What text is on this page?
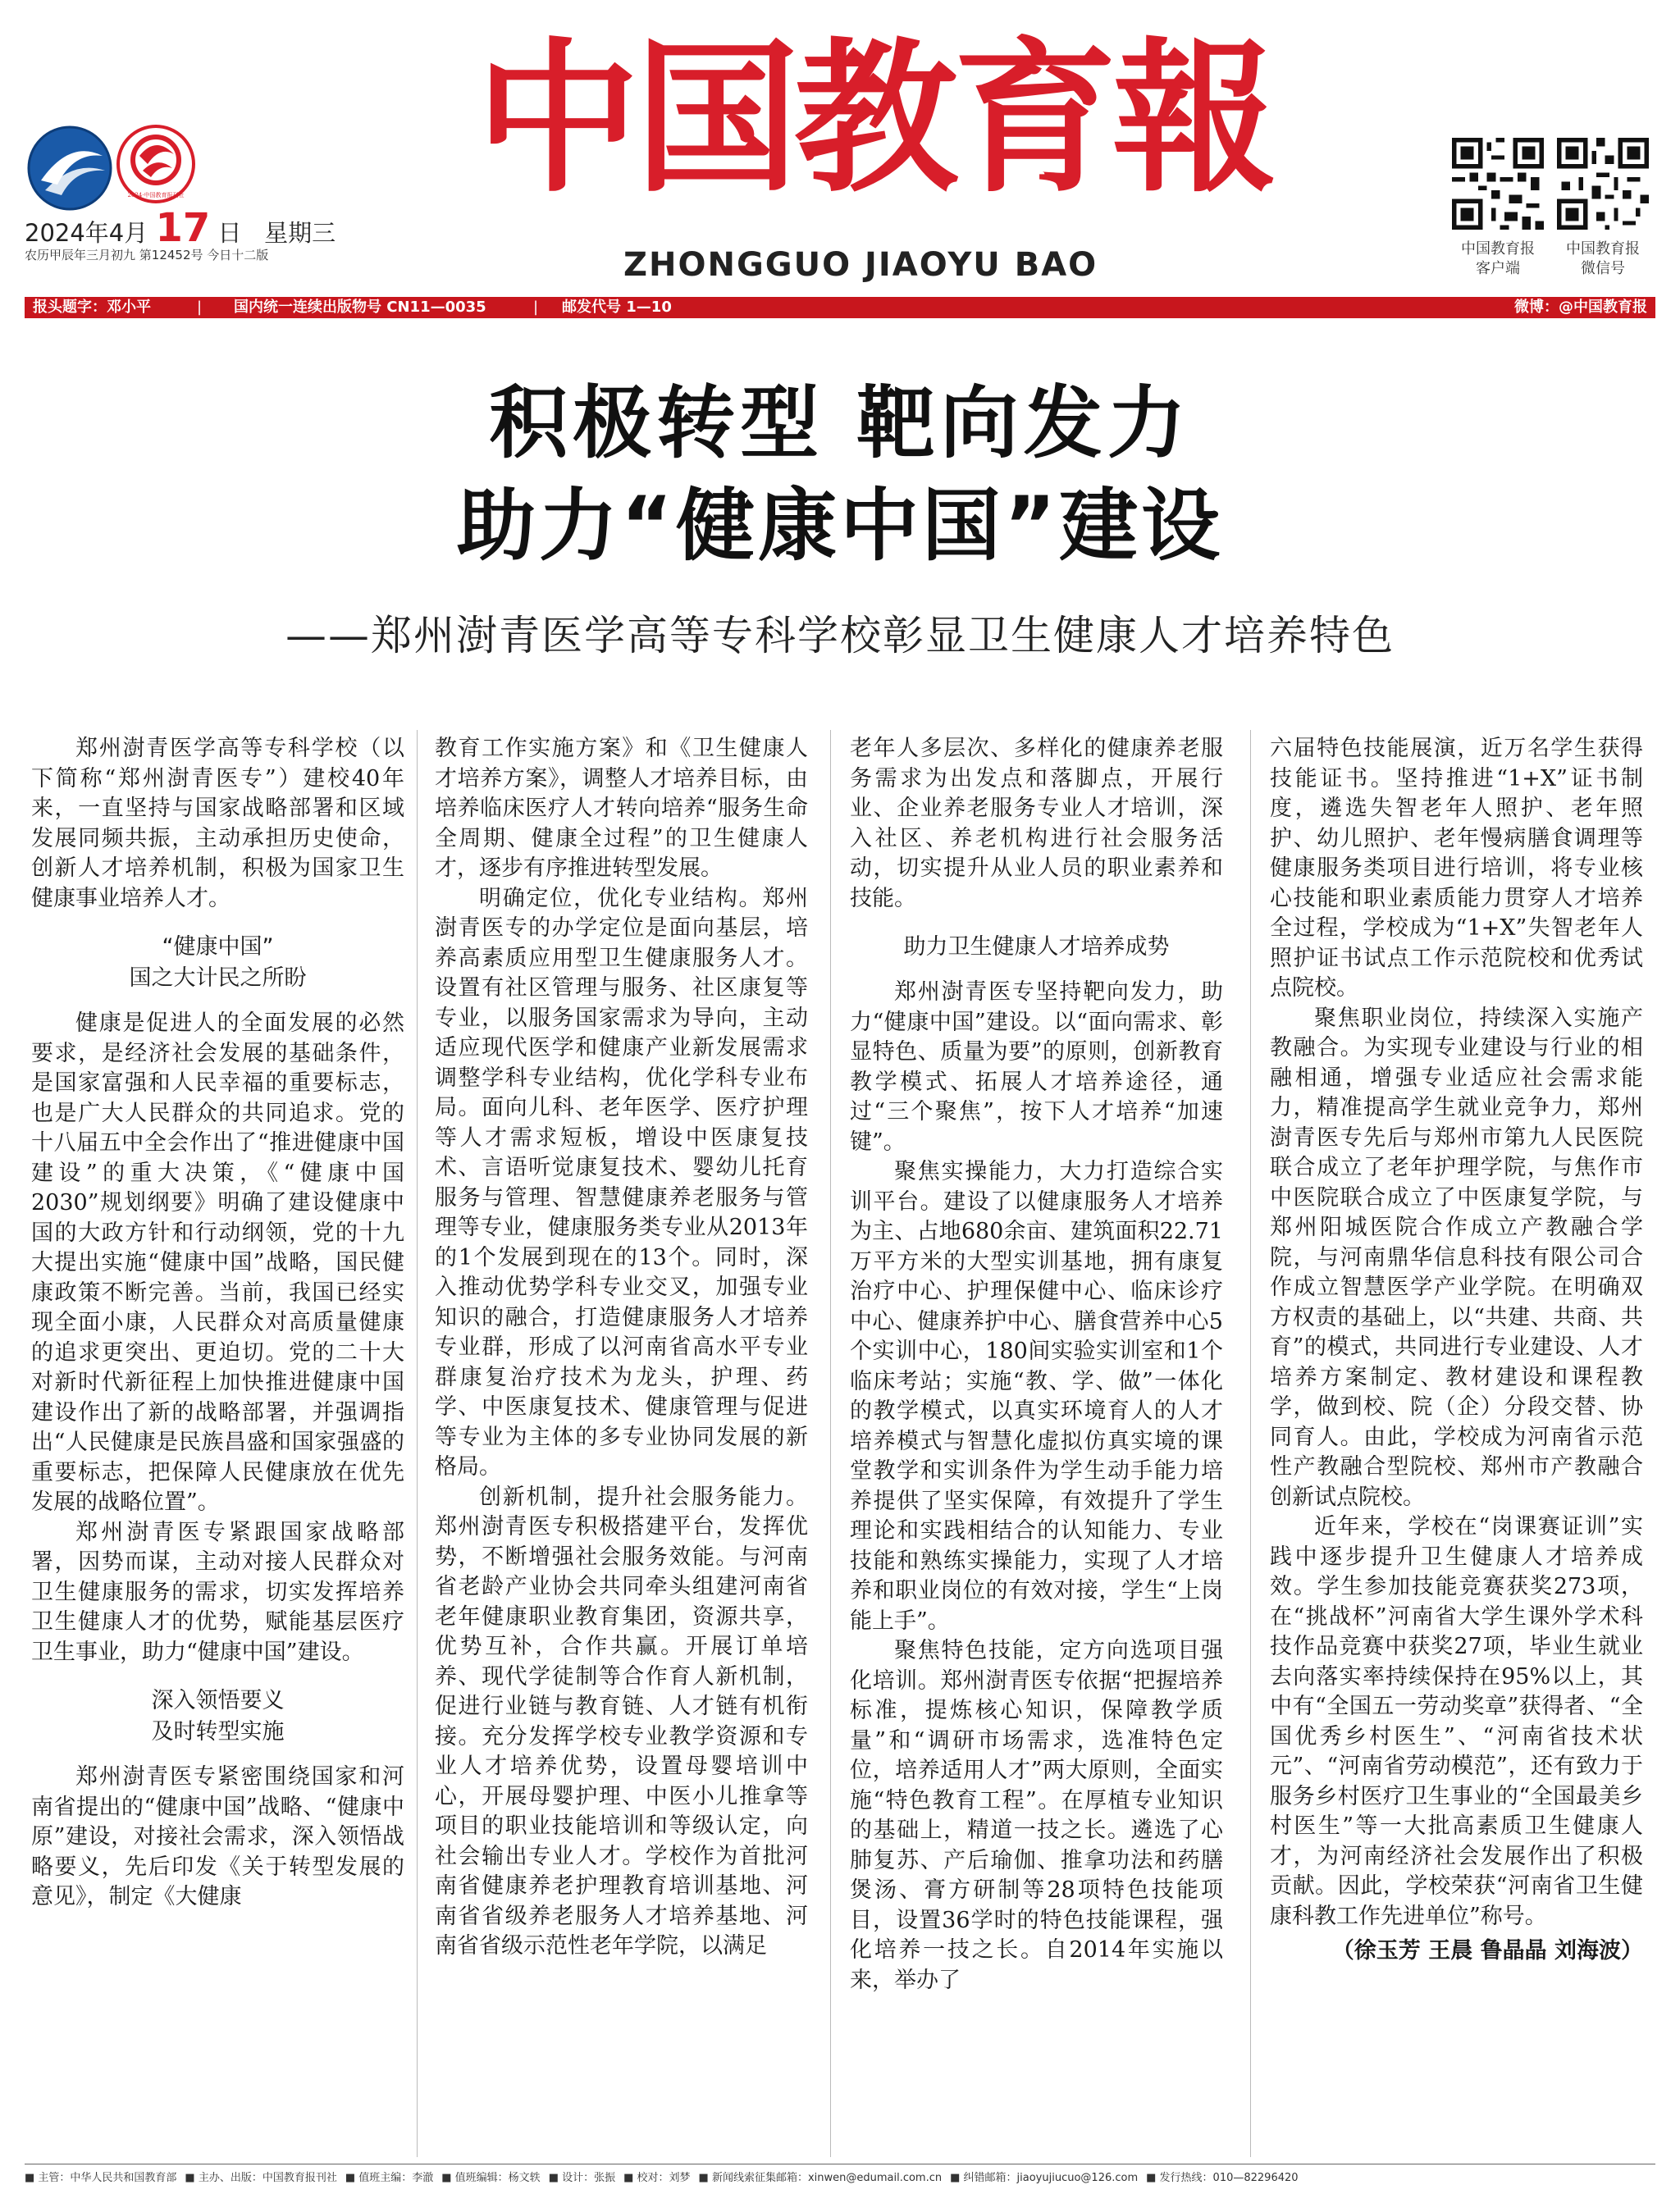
2024·中国教育报刊社 中国教育報
ZHONGGUO JIAOYU BAO
2024年4月 17 日 星期三
农历甲辰年三月初九 第12452号 今日十二版	中国教育报
客户端
中国教育报
微信号
报头题字：邓小平	| 国内统一连续出版物号 CN11—0035	| 邮发代号 1—10	微博：@中国教育报
积极转型 靶向发力
助力“健康中国”建设
——郑州澍青医学高等专科学校彰显卫生健康人才培养特色

郑州澍青医学高等专科学校（以下简称“郑州澍青医专”）建校40年来，一直坚持与国家战略部署和区域发展同频共振，主动承担历史使命，创新人才培养机制，积极为国家卫生健康事业培养人才。

“健康中国”
国之大计民之所盼

健康是促进人的全面发展的必然要求，是经济社会发展的基础条件，是国家富强和人民幸福的重要标志，也是广大人民群众的共同追求。党的十八届五中全会作出了“推进健康中国建设”的重大决策，《“健康中国2030”规划纲要》明确了建设健康中国的大政方针和行动纲领，党的十九大提出实施“健康中国”战略，国民健康政策不断完善。当前，我国已经实现全面小康，人民群众对高质量健康的追求更突出、更迫切。党的二十大对新时代新征程上加快推进健康中国建设作出了新的战略部署，并强调指出“人民健康是民族昌盛和国家强盛的重要标志，把保障人民健康放在优先发展的战略位置”。

郑州澍青医专紧跟国家战略部署，因势而谋，主动对接人民群众对卫生健康服务的需求，切实发挥培养卫生健康人才的优势，赋能基层医疗卫生事业，助力“健康中国”建设。

深入领悟要义
及时转型实施

郑州澍青医专紧密围绕国家和河南省提出的“健康中国”战略、“健康中原”建设，对接社会需求，深入领悟战略要义，先后印发《关于转型发展的意见》，制定《大健康

教育工作实施方案》和《卫生健康人才培养方案》，调整人才培养目标，由培养临床医疗人才转向培养“服务生命全周期、健康全过程”的卫生健康人才，逐步有序推进转型发展。

明确定位，优化专业结构。郑州澍青医专的办学定位是面向基层，培养高素质应用型卫生健康服务人才。设置有社区管理与服务、社区康复等专业，以服务国家需求为导向，主动适应现代医学和健康产业新发展需求调整学科专业结构，优化学科专业布局。面向儿科、老年医学、医疗护理等人才需求短板，增设中医康复技术、言语听觉康复技术、婴幼儿托育服务与管理、智慧健康养老服务与管理等专业，健康服务类专业从2013年的1个发展到现在的13个。同时，深入推动优势学科专业交叉，加强专业知识的融合，打造健康服务人才培养专业群，形成了以河南省高水平专业群康复治疗技术为龙头，护理、药学、中医康复技术、健康管理与促进等专业为主体的多专业协同发展的新格局。

创新机制，提升社会服务能力。郑州澍青医专积极搭建平台，发挥优势，不断增强社会服务效能。与河南省老龄产业协会共同牵头组建河南省老年健康职业教育集团，资源共享，优势互补，合作共赢。开展订单培养、现代学徒制等合作育人新机制，促进行业链与教育链、人才链有机衔接。充分发挥学校专业教学资源和专业人才培养优势，设置母婴培训中心，开展母婴护理、中医小儿推拿等项目的职业技能培训和等级认定，向社会输出专业人才。学校作为首批河南省健康养老护理教育培训基地、河南省省级养老服务人才培养基地、河南省省级示范性老年学院，以满足

老年人多层次、多样化的健康养老服务需求为出发点和落脚点，开展行业、企业养老服务专业人才培训，深入社区、养老机构进行社会服务活动，切实提升从业人员的职业素养和技能。

助力卫生健康人才培养成势

郑州澍青医专坚持靶向发力，助力“健康中国”建设。以“面向需求、彰显特色、质量为要”的原则，创新教育教学模式、拓展人才培养途径，通过“三个聚焦”，按下人才培养“加速键”。

聚焦实操能力，大力打造综合实训平台。建设了以健康服务人才培养为主、占地680余亩、建筑面积22.71万平方米的大型实训基地，拥有康复治疗中心、护理保健中心、临床诊疗中心、健康养护中心、膳食营养中心5个实训中心，180间实验实训室和1个临床考站；实施“教、学、做”一体化的教学模式，以真实环境育人的人才培养模式与智慧化虚拟仿真实境的课堂教学和实训条件为学生动手能力培养提供了坚实保障，有效提升了学生理论和实践相结合的认知能力、专业技能和熟练实操能力，实现了人才培养和职业岗位的有效对接，学生“上岗能上手”。

聚焦特色技能，定方向选项目强化培训。郑州澍青医专依据“把握培养标准，提炼核心知识，保障教学质量”和“调研市场需求，选准特色定位，培养适用人才”两大原则，全面实施“特色教育工程”。在厚植专业知识的基础上，精道一技之长。遴选了心肺复苏、产后瑜伽、推拿功法和药膳煲汤、膏方研制等28项特色技能项目，设置36学时的特色技能课程，强化培养一技之长。自2014年实施以来，举办了

六届特色技能展演，近万名学生获得技能证书。坚持推进“1+X”证书制度，遴选失智老年人照护、老年照护、幼儿照护、老年慢病膳食调理等健康服务类项目进行培训，将专业核心技能和职业素质能力贯穿人才培养全过程，学校成为“1+X”失智老年人照护证书试点工作示范院校和优秀试点院校。

聚焦职业岗位，持续深入实施产教融合。为实现专业建设与行业的相融相通，增强专业适应社会需求能力，精准提高学生就业竞争力，郑州澍青医专先后与郑州市第九人民医院联合成立了老年护理学院，与焦作市中医院联合成立了中医康复学院，与郑州阳城医院合作成立产教融合学院，与河南鼎华信息科技有限公司合作成立智慧医学产业学院。在明确双方权责的基础上，以“共建、共商、共育”的模式，共同进行专业建设、人才培养方案制定、教材建设和课程教学，做到校、院（企）分段交替、协同育人。由此，学校成为河南省示范性产教融合型院校、郑州市产教融合创新试点院校。

近年来，学校在“岗课赛证训”实践中逐步提升卫生健康人才培养成效。学生参加技能竞赛获奖273项，在“挑战杯”河南省大学生课外学术科技作品竞赛中获奖27项，毕业生就业去向落实率持续保持在95%以上，其中有“全国五一劳动奖章”获得者、“全国优秀乡村医生”、“河南省技术状元”、“河南省劳动模范”，还有致力于服务乡村医疗卫生事业的“全国最美乡村医生”等一大批高素质卫生健康人才，为河南经济社会发展作出了积极贡献。因此，学校荣获“河南省卫生健康科教工作先进单位”称号。

（徐玉芳 王晨 鲁晶晶 刘海波）
■ 主管：中华人民共和国教育部 ■ 主办、出版：中国教育报刊社 ■ 值班主编：李澈 ■ 值班编辑：杨文轶 ■ 设计：张振 ■ 校对：刘梦 ■ 新闻线索征集邮箱：xinwen@edumail.com.cn ■ 纠错邮箱：jiaoyujiucuo@126.com ■ 发行热线：010—82296420
